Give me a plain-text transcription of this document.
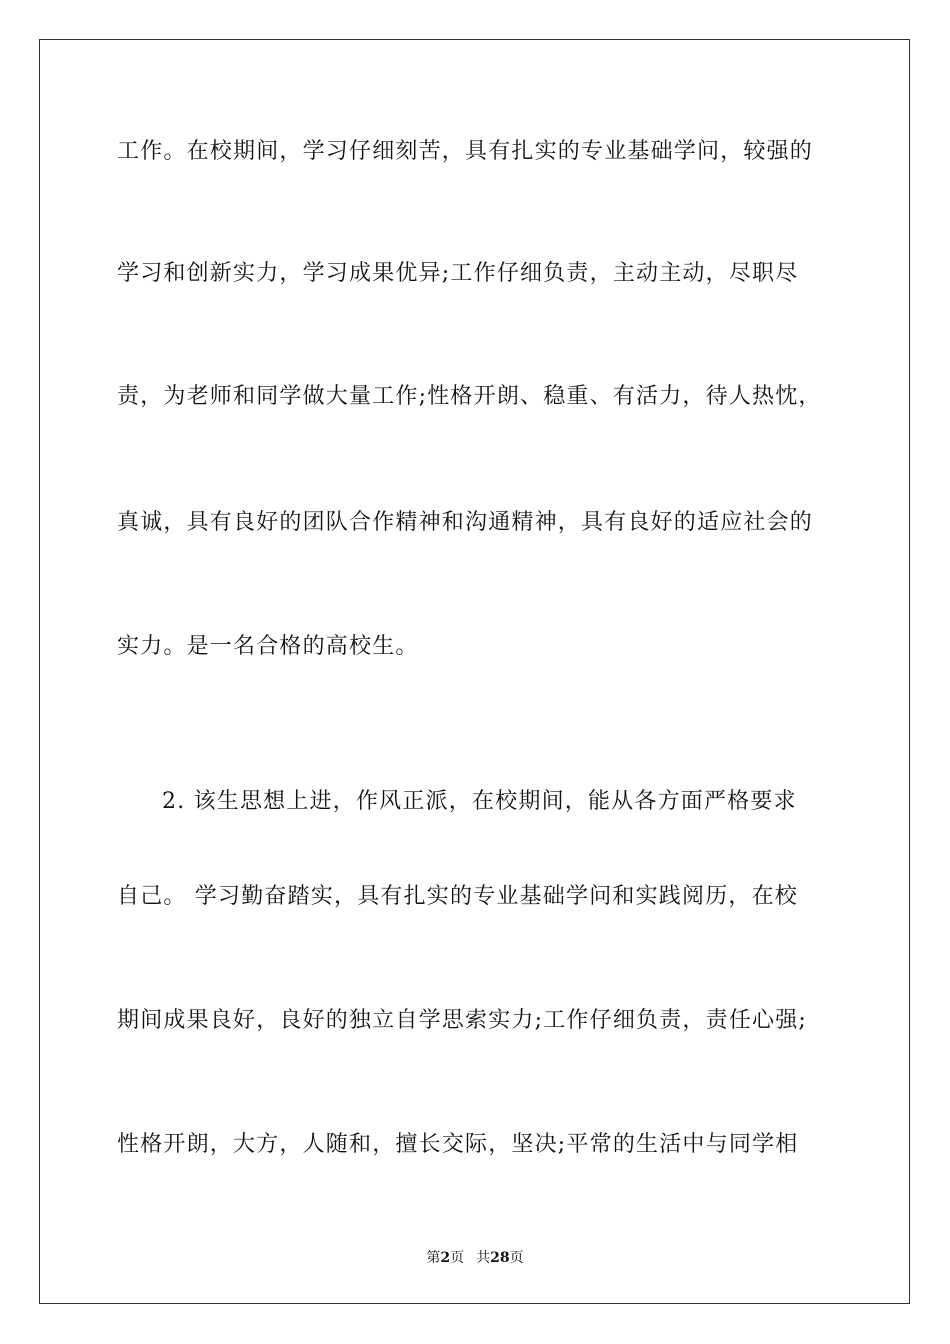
工作。在校期间，学习仔细刻苦，具有扎实的专业基础学问，较强的
学习和创新实力，学习成果优异;工作仔细负责，主动主动，尽职尽
责，为老师和同学做大量工作;性格开朗、稳重、有活力，待人热忱，
真诚，具有良好的团队合作精神和沟通精神，具有良好的适应社会的
实力。是一名合格的高校生。
2. 该生思想上进，作风正派，在校期间，能从各方面严格要求
自己。 学习勤奋踏实，具有扎实的专业基础学问和实践阅历，在校
期间成果良好，良好的独立自学思索实力;工作仔细负责，责任心强;
性格开朗，大方，人随和，擅长交际，坚决;平常的生活中与同学相
第2页 共28页
